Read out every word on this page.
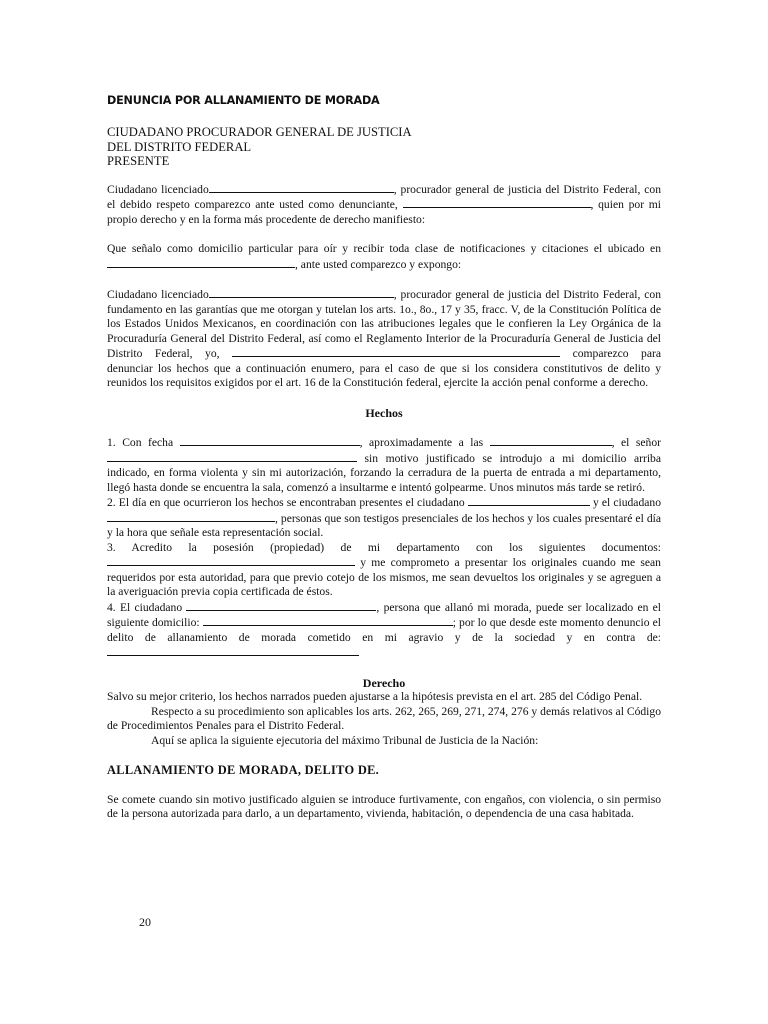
DENUNCIA POR ALLANAMIENTO DE MORADA
CIUDADANO PROCURADOR GENERAL DE JUSTICIA
DEL DISTRITO FEDERAL
PRESENTE

Ciudadano licenciado	, procurador general de justicia del Distrito Federal, con el debido respeto comparezco ante usted como denunciante,	, quien por mi propio derecho y en la forma más procedente de derecho manifiesto:

Que señalo como domicilio particular para oír y recibir toda clase de notificaciones y citaciones el ubicado en , ante usted comparezco y expongo:

Ciudadano licenciado	, procurador general de justicia del Distrito Federal, con fundamento en las garantías que me otorgan y tutelan los arts. 1o., 8o., 17 y 35, fracc. V, de la Constitución Política de los Estados Unidos Mexicanos, en coordinación con las atribuciones legales que le confieren la Ley Orgánica de la Procuraduría General del Distrito Federal, así como el Reglamento Interior de la Procuraduría General de Justicia del Distrito Federal, yo,	comparezco para denunciar los hechos que a continuación enumero, para el caso de que si los considera constitutivos de delito y reunidos los requisitos exigidos por el art. 16 de la Constitución federal, ejercite la acción penal conforme a derecho.

Hechos

1. Con fecha	, aproximadamente a las	, el señor sin motivo justificado se introdujo a mi domicilio arriba indicado, en forma violenta y sin mi autorización, forzando la cerradura de la puerta de entrada a mi departamento, llegó hasta donde se encuentra la sala, comenzó a insultarme e intentó golpearme. Unos minutos más tarde se retiró.

2. El día en que ocurrieron los hechos se encontraban presentes el ciudadano	y el ciudadano , personas que son testigos presenciales de los hechos y los cuales presentaré el día y la hora que señale esta representación social.

3. Acredito la posesión (propiedad) de mi departamento con los siguientes documentos:  y me comprometo a presentar los originales cuando me sean requeridos por esta autoridad, para que previo cotejo de los mismos, me sean devueltos los originales y se agreguen a la averiguación previa copia certificada de éstos.

4. El ciudadano	, persona que allanó mi morada, puede ser localizado en el siguiente domicilio:	; por lo que desde este momento denuncio el delito de allanamiento de morada cometido en mi agravio y de la sociedad y en contra de:

Derecho

Salvo su mejor criterio, los hechos narrados pueden ajustarse a la hipótesis prevista en el art. 285 del Código Penal.

Respecto a su procedimiento son aplicables los arts. 262, 265, 269, 271, 274, 276 y demás relativos al Código de Procedimientos Penales para el Distrito Federal.

Aquí se aplica la siguiente ejecutoria del máximo Tribunal de Justicia de la Nación:

ALLANAMIENTO DE MORADA, DELITO DE.

Se comete cuando sin motivo justificado alguien se introduce furtivamente, con engaños, con violencia, o sin permiso de la persona autorizada para darlo, a un departamento, vivienda, habitación, o dependencia de una casa habitada.

20
